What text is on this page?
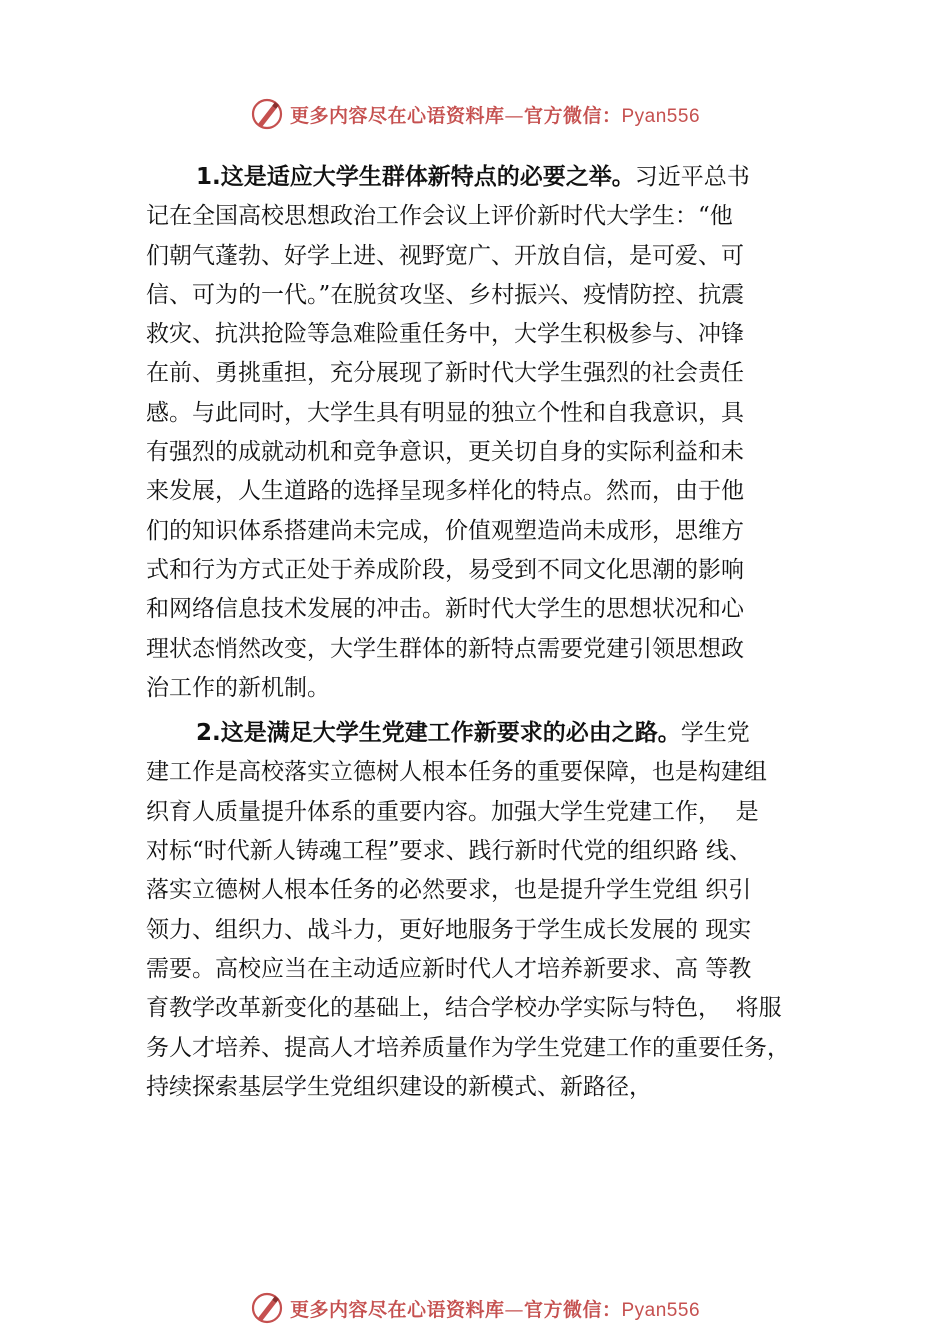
更多内容尽在心语资料库—官方微信：Pyan556
1.这是适应大学生群体新特点的必要之举。习近平总书
记在全国高校思想政治工作会议上评价新时代大学生：“他
们朝气蓬勃、好学上进、视野宽广、开放自信，是可爱、可
信、可为的一代。”在脱贫攻坚、乡村振兴、疫情防控、抗震
救灾、抗洪抢险等急难险重任务中，大学生积极参与、冲锋
在前、勇挑重担，充分展现了新时代大学生强烈的社会责任
感。与此同时，大学生具有明显的独立个性和自我意识，具
有强烈的成就动机和竞争意识，更关切自身的实际利益和未
来发展，人生道路的选择呈现多样化的特点。然而，由于他
们的知识体系搭建尚未完成，价值观塑造尚未成形，思维方
式和行为方式正处于养成阶段，易受到不同文化思潮的影响
和网络信息技术发展的冲击。新时代大学生的思想状况和心
理状态悄然改变，大学生群体的新特点需要党建引领思想政
治工作的新机制。
2.这是满足大学生党建工作新要求的必由之路。学生党
建工作是高校落实立德树人根本任务的重要保障，也是构建组
织育人质量提升体系的重要内容。加强大学生党建工作，  是
对标“时代新人铸魂工程”要求、践行新时代党的组织路 线、
落实立德树人根本任务的必然要求，也是提升学生党组 织引
领力、组织力、战斗力，更好地服务于学生成长发展的 现实
需要。高校应当在主动适应新时代人才培养新要求、高 等教
育教学改革新变化的基础上，结合学校办学实际与特色，  将服
务人才培养、提高人才培养质量作为学生党建工作的重要任务，
持续探索基层学生党组织建设的新模式、新路径，
更多内容尽在心语资料库—官方微信：Pyan556
